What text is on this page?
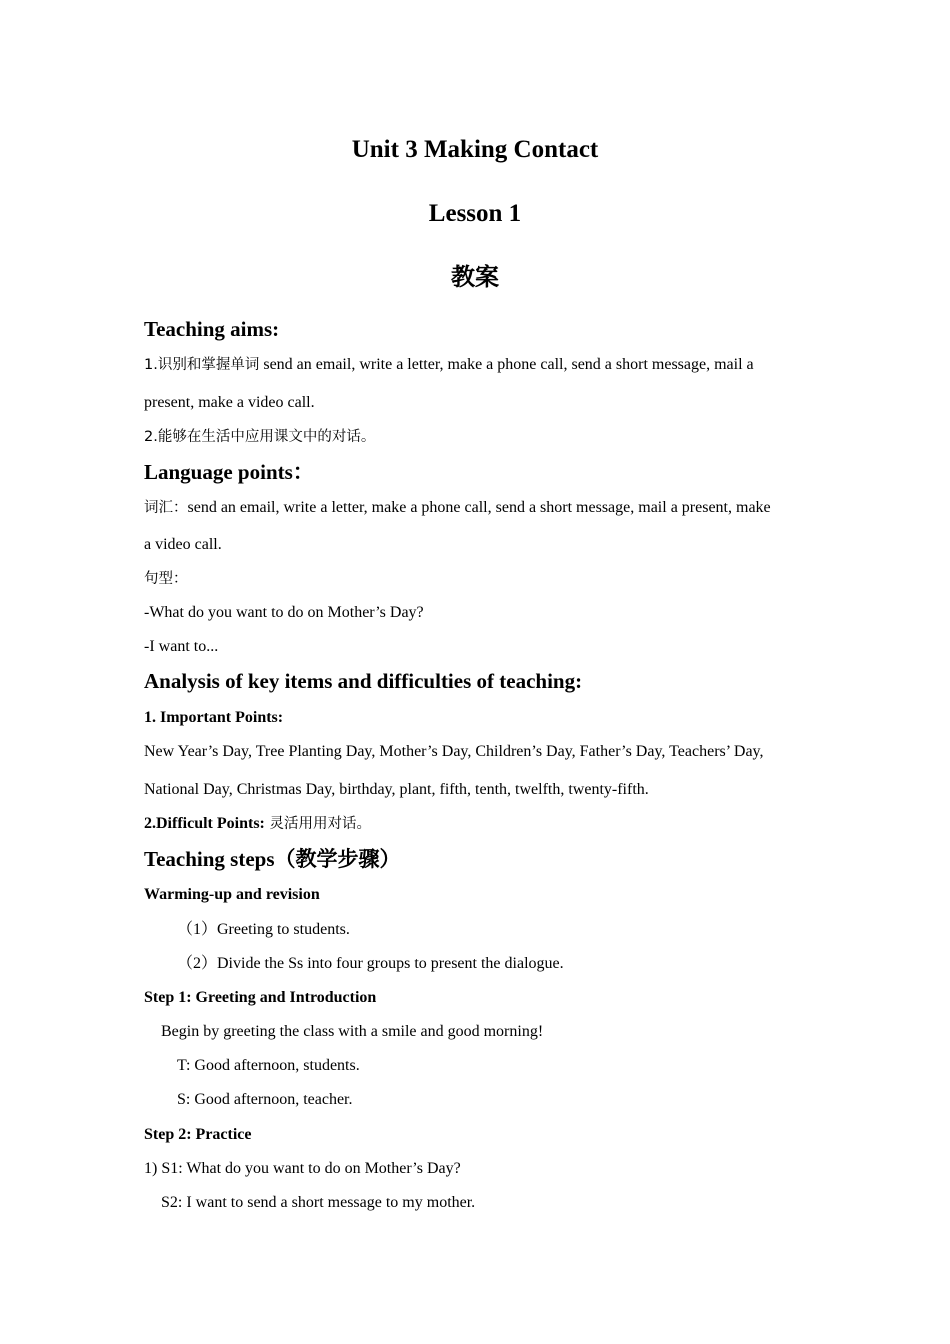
Unit 3 Making Contact
Lesson 1
教案
Teaching aims:
1.识别和掌握单词 send an email, write a letter, make a phone call, send a short message, mail a
present, make a video call.
2.能够在生活中应用课文中的对话。
Language points：
词汇：send an email, write a letter, make a phone call, send a short message, mail a present, make
a video call.
句型：
-What do you want to do on Mother’s Day?
-I want to...
Analysis of key items and difficulties of teaching:
1. Important Points:
New Year’s Day, Tree Planting Day, Mother’s Day, Children’s Day, Father’s Day, Teachers’ Day,
National Day, Christmas Day, birthday, plant, fifth, tenth, twelfth, twenty-fifth.
2.Difficult Points: 灵活用用对话。
Teaching steps（教学步骤）
Warming-up and revision
（1）Greeting to students.
（2）Divide the Ss into four groups to present the dialogue.
Step 1: Greeting and Introduction
Begin by greeting the class with a smile and good morning!
T: Good afternoon, students.
S: Good afternoon, teacher.
Step 2: Practice
1) S1: What do you want to do on Mother’s Day?
S2: I want to send a short message to my mother.
